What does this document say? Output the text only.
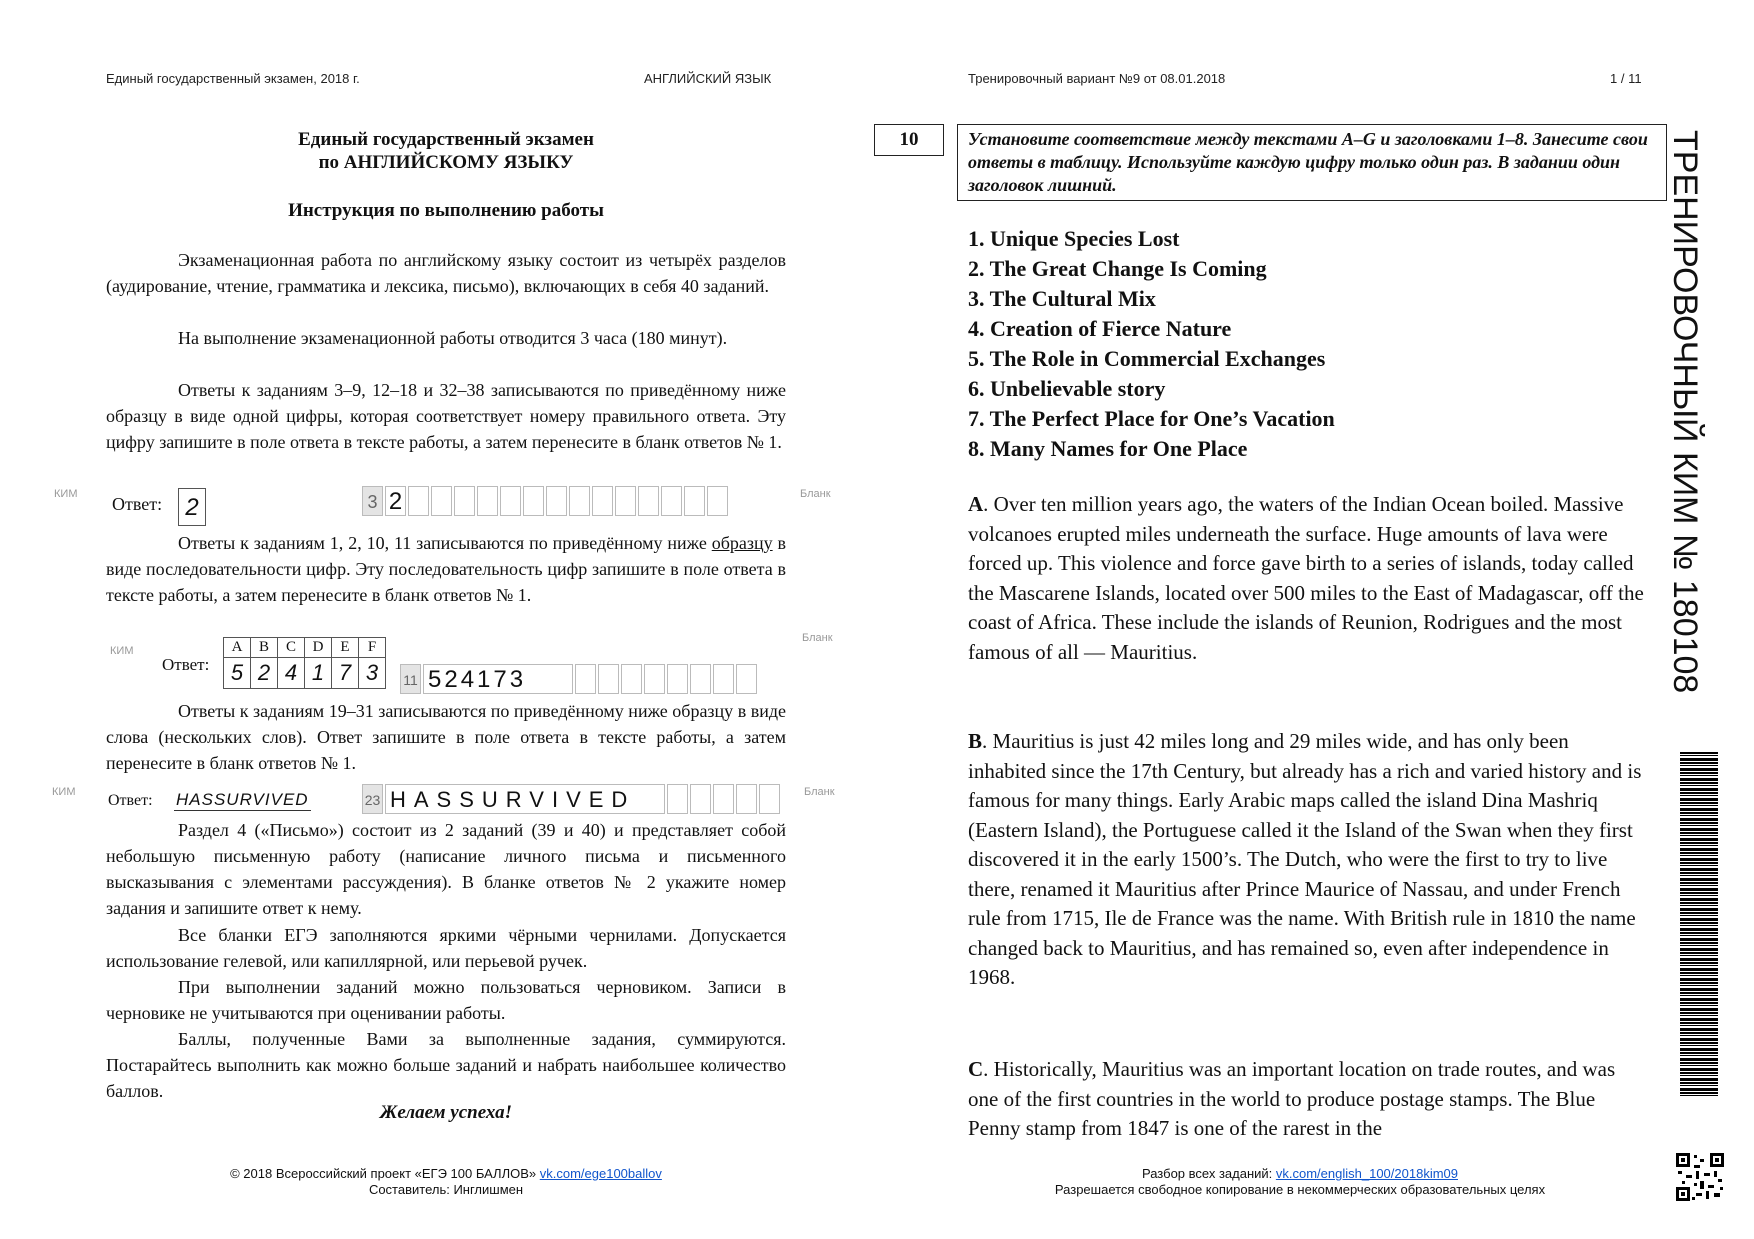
Единый государственный экзамен, 2018 г.	АНГЛИЙСКИЙ ЯЗЫК	Тренировочный вариант №9 от 08.01.2018	1 / 11
Единый государственный экзамен
по АНГЛИЙСКОМУ ЯЗЫКУ
Инструкция по выполнению работы
Экзаменационная работа по английскому языку состоит из четырёх разделов (аудирование, чтение, грамматика и лексика, письмо), включающих в себя 40 заданий.
На выполнение экзаменационной работы отводится 3 часа (180 минут).
Ответы к заданиям 3–9, 12–18 и 32–38 записываются по приведённому ниже образцу в виде одной цифры, которая соответствует номеру правильного ответа. Эту цифру запишите в поле ответа в тексте работы, а затем перенесите в бланк ответов № 1.
КИМ Ответ: 2	3 2	Бланк
Ответы к заданиям 1, 2, 10, 11 записываются по приведённому ниже образцу в виде последовательности цифр. Эту последовательность цифр запишите в поле ответа в тексте работы, а затем перенесите в бланк ответов № 1.
КИМ
Бланк
Ответ:
A	B	C	D	E	F
5	2	4	1	7	3 11 524173
Ответы к заданиям 19–31 записываются по приведённому ниже образцу в виде слова (нескольких слов). Ответ запишите в поле ответа в тексте работы, а затем перенесите в бланк ответов № 1.
КИМ	Бланк
Ответ: HASSURVIVED	23 HASSURVIVED
Раздел 4 («Письмо») состоит из 2 заданий (39 и 40) и представляет собой небольшую письменную работу (написание личного письма и письменного высказывания с элементами рассуждения). В бланке ответов № 2 укажите номер задания и запишите ответ к нему.
Все бланки ЕГЭ заполняются яркими чёрными чернилами. Допускается использование гелевой, или капиллярной, или перьевой ручек.
При выполнении заданий можно пользоваться черновиком. Записи в черновике не учитываются при оценивании работы.
Баллы, полученные Вами за выполненные задания, суммируются. Постарайтесь выполнить как можно больше заданий и набрать наибольшее количество баллов.
Желаем успеха!
© 2018 Всероссийский проект «ЕГЭ 100 БАЛЛОВ» vk.com/ege100ballov
Составитель: Инглишмен
10	Установите соответствие между текстами A–G и заголовками 1–8. Занесите свои ответы в таблицу. Используйте каждую цифру только один раз. В задании один заголовок лишний.
1. Unique Species Lost
2. The Great Change Is Coming
3. The Cultural Mix
4. Creation of Fierce Nature
5. The Role in Commercial Exchanges
6. Unbelievable story
7. The Perfect Place for One’s Vacation
8. Many Names for One Place
A. Over ten million years ago, the waters of the Indian Ocean boiled. Massive volcanoes erupted miles underneath the surface. Huge amounts of lava were forced up. This violence and force gave birth to a series of islands, today called the Mascarene Islands, located over 500 miles to the East of Madagascar, off the coast of Africa. These include the islands of Reunion, Rodrigues and the most famous of all — Mauritius.
B. Mauritius is just 42 miles long and 29 miles wide, and has only been inhabited since the 17th Century, but already has a rich and varied history and is famous for many things. Early Arabic maps called the island Dina Mashriq (Eastern Island), the Portuguese called it the Island of the Swan when they first discovered it in the early 1500’s. The Dutch, who were the first to try to live there, renamed it Mauritius after Prince Maurice of Nassau, and under French rule from 1715, Ile de France was the name. With British rule in 1810 the name changed back to Mauritius, and has remained so, even after independence in 1968.
C. Historically, Mauritius was an important location on trade routes, and was one of the first countries in the world to produce postage stamps. The Blue Penny stamp from 1847 is one of the rarest in the
Разбор всех заданий: vk.com/english_100/2018kim09
Разрешается свободное копирование в некоммерческих образовательных целях
ТРЕНИРОВОЧНЫЙ КИМ № 180108
